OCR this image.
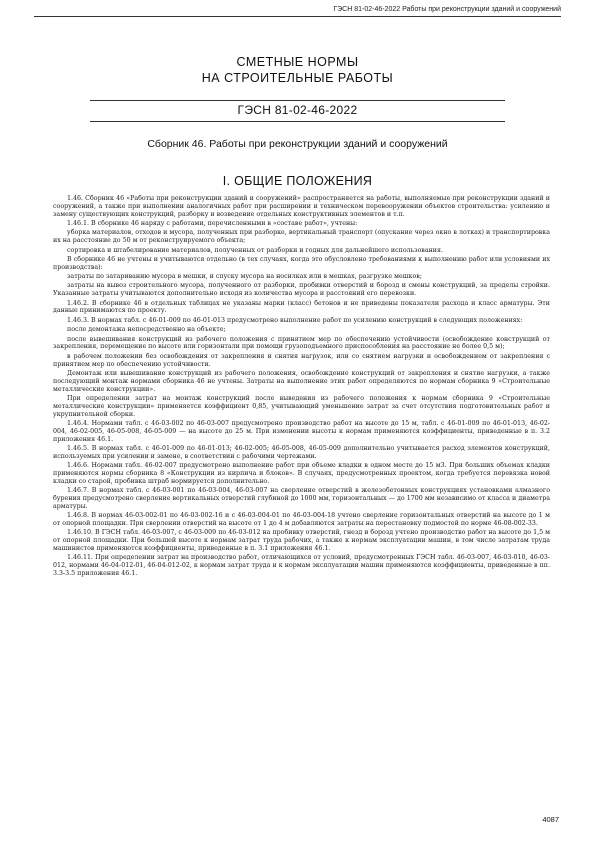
ГЭСН 81-02-46-2022 Работы при реконструкции зданий и сооружений
СМЕТНЫЕ НОРМЫ
НА СТРОИТЕЛЬНЫЕ РАБОТЫ
ГЭСН 81-02-46-2022
Сборник 46. Работы при реконструкции зданий и сооружений
I. ОБЩИЕ ПОЛОЖЕНИЯ

1.46. Сборник 46 «Работы при реконструкции зданий и сооружений» распространяется на работы, выполняемые при реконструкции зданий и сооружений, а также при выполнении аналогичных работ при расширении и техническом перевооружении объектов строительства: усилению и замену существующих конструкций, разборку и возведение отдельных конструктивных элементов и т.п.

1.46.1. В сборнике 46 наряду с работами, перечисленными в «составе работ», учтены:

уборка материалов, отходов и мусора, полученных при разборке, вертикальный транспорт (опускание через окно в лотках) и транспортировка их на расстояние до 50 м от реконструируемого объекта;

сортировка и штабелирование материалов, полученных от разборки и годных для дальнейшего использования.

В сборнике 46 не учтены и учитываются отдельно (в тех случаях, когда это обусловлено требованиями к выполнению работ или условиями их производства):

затраты по затариванию мусора в мешки, и спуску мусора на носилках или в мешках, разгрузке мешков;

затраты на вывоз строительного мусора, полученного от разборки, пробивки отверстий и борозд и смены конструкций, за пределы стройки. Указанные затраты учитываются дополнительно исходя из количества мусора и расстояний его перевозки.

1.46.2. В сборнике 46 в отдельных таблицах не указаны марки (класс) бетонов и не приведены показатели расхода и класс арматуры. Эти данные принимаются по проекту.

1.46.3. В нормах табл. с 46-01-009 по 46-01-013 предусмотрено выполнение работ по усилению конструкций в следующих положениях:

после демонтажа непосредственно на объекте;

после вывешивания конструкций из рабочего положения с принятием мер по обеспечению устойчивости (освобождение конструкций от закрепления, перемещение по высоте или горизонтали при помощи грузоподъемного приспособления на расстояние не более 0,5 м);

в рабочем положении без освобождения от закрепления и снятия нагрузок, или со снятием нагрузки и освобождением от закрепления с принятием мер по обеспечению устойчивости.

Демонтаж или вывешивание конструкций из рабочего положения, освобождение конструкций от закрепления и снятие нагрузки, а также последующий монтаж нормами сборника 46 не учтены. Затраты на выполнение этих работ определяются по нормам сборника 9 «Строительные металлические конструкции».

При определении затрат на монтаж конструкций после выведения из рабочего положения к нормам сборника 9 «Строительные металлические конструкции» применяется коэффициент 0,85, учитывающий уменьшение затрат за счет отсутствия подготовительных работ и укрупнительной сборки.

1.46.4. Нормами табл. с 46-03-002 по 46-03-007 предусмотрено производство работ на высоте до 15 м, табл. с 46-01-009 по 46-01-013, 46-02-004, 46-02-005, 46-05-008, 46-05-009 — на высоте до 25 м. При изменении высоты к нормам применяются коэффициенты, приведенные в п. 3.2 приложения 46.1.

1.46.5. В нормах табл. с 46-01-009 по 46-01-013; 46-02-005; 46-05-008, 46-05-009 дополнительно учитывается расход элементов конструкций, используемых при усилении и замене, в соответствии с рабочими чертежами.

1.46.6. Нормами табл. 46-02-007 предусмотрено выполнение работ при объеме кладки в одном месте до 15 м3. При больших объемах кладки применяются нормы сборника 8 «Конструкции из кирпича и блоков». В случаях, предусмотренных проектом, когда требуется перевязка новой кладки со старой, пробивка штраб нормируется дополнительно.

1.46.7. В нормах табл. с 46-03-001 по 46-03-004, 46-03-007 на сверление отверстий в железобетонных конструкциях установками алмазного бурения предусмотрено сверление вертикальных отверстий глубиной до 1000 мм, горизонтальных — до 1700 мм независимо от класса и диаметра арматуры.

1.46.8. В нормах 46-03-002-01 по 46-03-002-16 и с 46-03-004-01 по 46-03-004-18 учтено сверление горизонтальных отверстий на высоте до 1 м от опорной площадки. При сверлении отверстий на высоте от 1 до 4 м добавляются затраты на перестановку подмостей по норме 46-08-002-33.

1.46.10. В ГЭСН табл. 46-03-007, с 46-03-009 по 46-03-012 на пробивку отверстий, гнезд и борозд учтено производство работ на высоте до 1,5 м от опорной площадки. При большей высоте к нормам затрат труда рабочих, а также к нормам эксплуатации машин, в том числе затратам труда машинистов применяются коэффициенты, приведенные в п. 3.1 приложения 46.1.

1.46.11. При определении затрат на производство работ, отличающихся от условий, предусмотренных ГЭСН табл. 46-03-007, 46-03-010, 46-03-012, нормами 46-04-012-01, 46-04-012-02, к нормам затрат труда и к нормам эксплуатации машин применяются коэффициенты, приведенные в пп. 3.3-3.5 приложения 46.1.

4087
